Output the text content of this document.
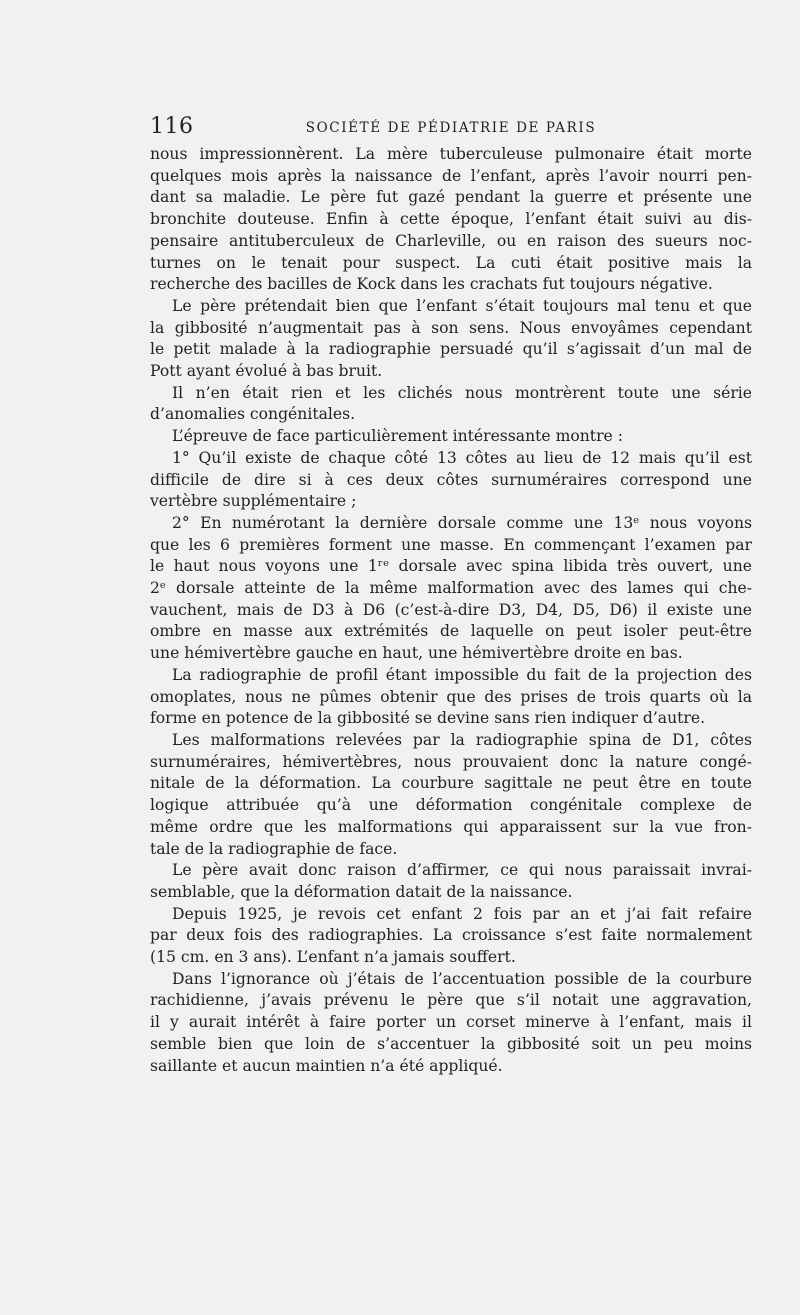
116	SOCIÉTÉ DE PÉDIATRIE DE PARIS

nous impressionnèrent. La mère tuberculeuse pulmonaire était morte
quelques mois après la naissance de l’enfant, après l’avoir nourri pen-
dant sa maladie. Le père fut gazé pendant la guerre et présente une
bronchite douteuse. Enfin à cette époque, l’enfant était suivi au dis-
pensaire antituberculeux de Charleville, ou en raison des sueurs noc-
turnes on le tenait pour suspect. La cuti était positive mais la
recherche des bacilles de Kock dans les crachats fut toujours négative.

Le père prétendait bien que l’enfant s’était toujours mal tenu et que
la gibbosité n’augmentait pas à son sens. Nous envoyâmes cependant
le petit malade à la radiographie persuadé qu’il s’agissait d’un mal de
Pott ayant évolué à bas bruit.

Il n’en était rien et les clichés nous montrèrent toute une série
d’anomalies congénitales.

L’épreuve de face particulièrement intéressante montre :

1° Qu’il existe de chaque côté 13 côtes au lieu de 12 mais qu’il est
difficile de dire si à ces deux côtes surnuméraires correspond une
vertèbre supplémentaire ;

2° En numérotant la dernière dorsale comme une 13ᵉ nous voyons
que les 6 premières forment une masse. En commençant l’examen par
le haut nous voyons une 1ʳᵉ dorsale avec spina libida très ouvert, une
2ᵉ dorsale atteinte de la même malformation avec des lames qui che-
vauchent, mais de D3 à D6 (c’est-à-dire D3, D4, D5, D6) il existe une
ombre en masse aux extrémités de laquelle on peut isoler peut-être
une hémivertèbre gauche en haut, une hémivertèbre droite en bas.

La radiographie de profil étant impossible du fait de la projection des
omoplates, nous ne pûmes obtenir que des prises de trois quarts où la
forme en potence de la gibbosité se devine sans rien indiquer d’autre.

Les malformations relevées par la radiographie spina de D1, côtes
surnuméraires, hémivertèbres, nous prouvaient donc la nature congé-
nitale de la déformation. La courbure sagittale ne peut être en toute
logique attribuée qu’à une déformation congénitale complexe de
même ordre que les malformations qui apparaissent sur la vue fron-
tale de la radiographie de face.

Le père avait donc raison d’affirmer, ce qui nous paraissait invrai-
semblable, que la déformation datait de la naissance.

Depuis 1925, je revois cet enfant 2 fois par an et j’ai fait refaire
par deux fois des radiographies. La croissance s’est faite normalement
(15 cm. en 3 ans). L’enfant n’a jamais souffert.

Dans l’ignorance où j’étais de l’accentuation possible de la courbure
rachidienne, j’avais prévenu le père que s’il notait une aggravation,
il y aurait intérêt à faire porter un corset minerve à l’enfant, mais il
semble bien que loin de s’accentuer la gibbosité soit un peu moins
saillante et aucun maintien n’a été appliqué.
